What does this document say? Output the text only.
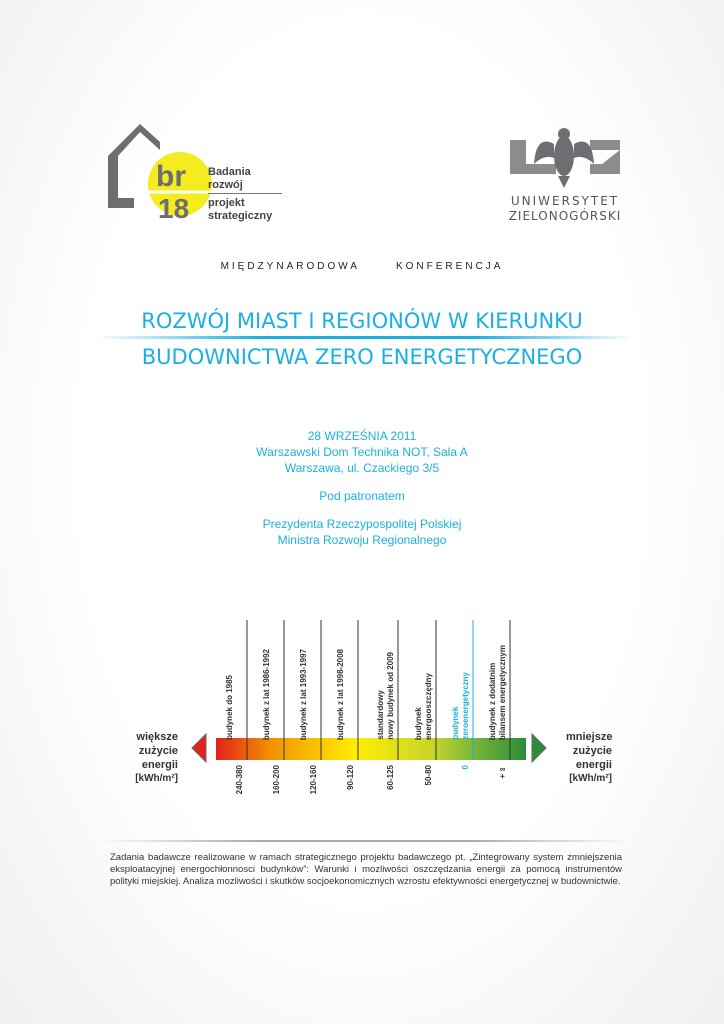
br
18
Badania
rozwój
projekt
strategiczny
UNIWERSYTET
ZIELONOGÓRSKI
MIĘDZYNARODOWA	KONFERENCJA
ROZWÓJ MIAST I REGIONÓW W KIERUNKU
BUDOWNICTWA ZERO ENERGETYCZNEGO
28 WRZEŚNIA 2011
Warszawski Dom Technika NOT, Sala A
Warszawa, ul. Czackiego 3/5
Pod patronatem
Prezydenta Rzeczypospolitej Polskiej
Ministra Rozwoju Regionalnego
budynek do 1985
240-380
budynek z lat 1986-1992
160-200
budynek z lat 1993-1997
120-160
budynek z lat 1998-2008
90-120
standardowy
nowy budynek od 2009
60-125
budynek
energooszczędny
50-80
budynek
zeroenergetyczny
0
budynek z dodatnim
bilansem energetycznym
+∞
większe
zużycie
energii
[kWh/m²]
mniejsze
zużycie
energii
[kWh/m²]
Zadania badawcze realizowane w ramach strategicznego projektu badawczego pt. „Zintegrowany system zmniejszenia eksploatacyjnej energochłonnosci budynków”: Warunki i mozliwości oszczędzania energii za pomocą instrumentów polityki miejskiej. Analiza mozliwości i skutków socjoekonomicznych wzrostu efektywności energetycznej w budownictwie.
